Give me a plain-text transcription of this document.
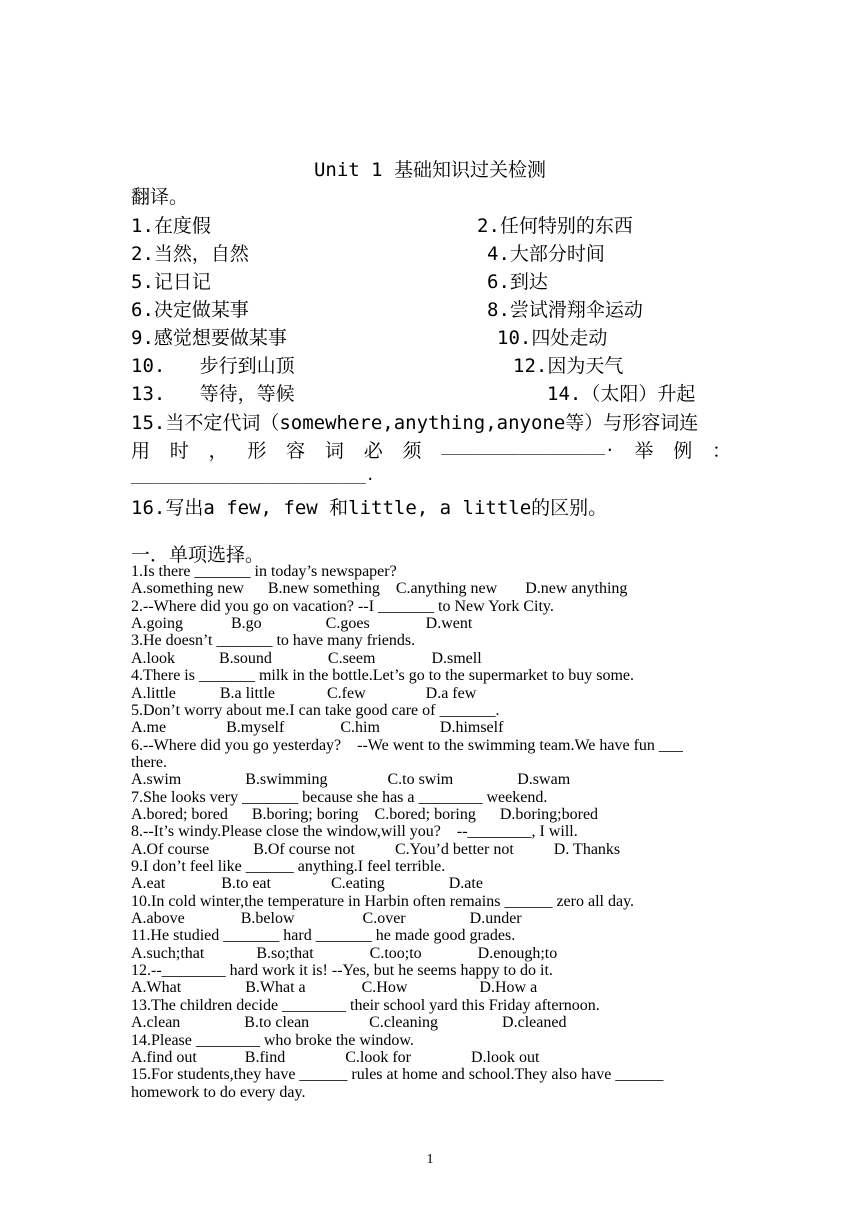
Unit 1 基础知识过关检测
翻译。
1.在度假	2.任何特别的东西
2.当然，自然	4.大部分时间
5.记日记	6.到达
6.决定做某事	8.尝试滑翔伞运动
9.感觉想要做某事	10.四处走动
10.   步行到山顶	12.因为天气
13.   等待，等候	14.（太阳）升起
15.当不定代词（somewhere,anything,anyone等）与形容词连
用 时 ， 形 容 词 必 须 _________________. 举 例 ：
__________________________.
16.写出a few, few 和little, a little的区别。
一．单项选择。
1.Is there _______ in today’s newspaper?
A.something new      B.new something    C.anything new       D.new anything
2.--Where did you go on vacation? --I _______ to New York City.
A.going            B.go                C.goes              D.went
3.He doesn’t _______ to have many friends.
A.look           B.sound              C.seem              D.smell
4.There is _______ milk in the bottle.Let’s go to the supermarket to buy some.
A.little           B.a little             C.few               D.a few
5.Don’t worry about me.I can take good care of _______.
A.me               B.myself              C.him               D.himself
6.--Where did you go yesterday?    --We went to the swimming team.We have fun ___
there.
A.swim                B.swimming               C.to swim                D.swam
7.She looks very _______ because she has a ________ weekend.
A.bored; bored      B.boring; boring    C.bored; boring      D.boring;bored
8.--It’s windy.Please close the window,will you?    --________, I will.
A.Of course           B.Of course not          C.You’d better not          D. Thanks
9.I don’t feel like ______ anything.I feel terrible.
A.eat              B.to eat               C.eating                D.ate
10.In cold winter,the temperature in Harbin often remains ______ zero all day.
A.above              B.below                 C.over                D.under
11.He studied _______ hard _______ he made good grades.
A.such;that             B.so;that              C.too;to              D.enough;to
12.--________ hard work it is! --Yes, but he seems happy to do it.
A.What                B.What a              C.How                  D.How a
13.The children decide ________ their school yard this Friday afternoon.
A.clean                B.to clean               C.cleaning                D.cleaned
14.Please ________ who broke the window.
A.find out            B.find               C.look for               D.look out
15.For students,they have ______ rules at home and school.They also have ______
homework to do every day.
1
